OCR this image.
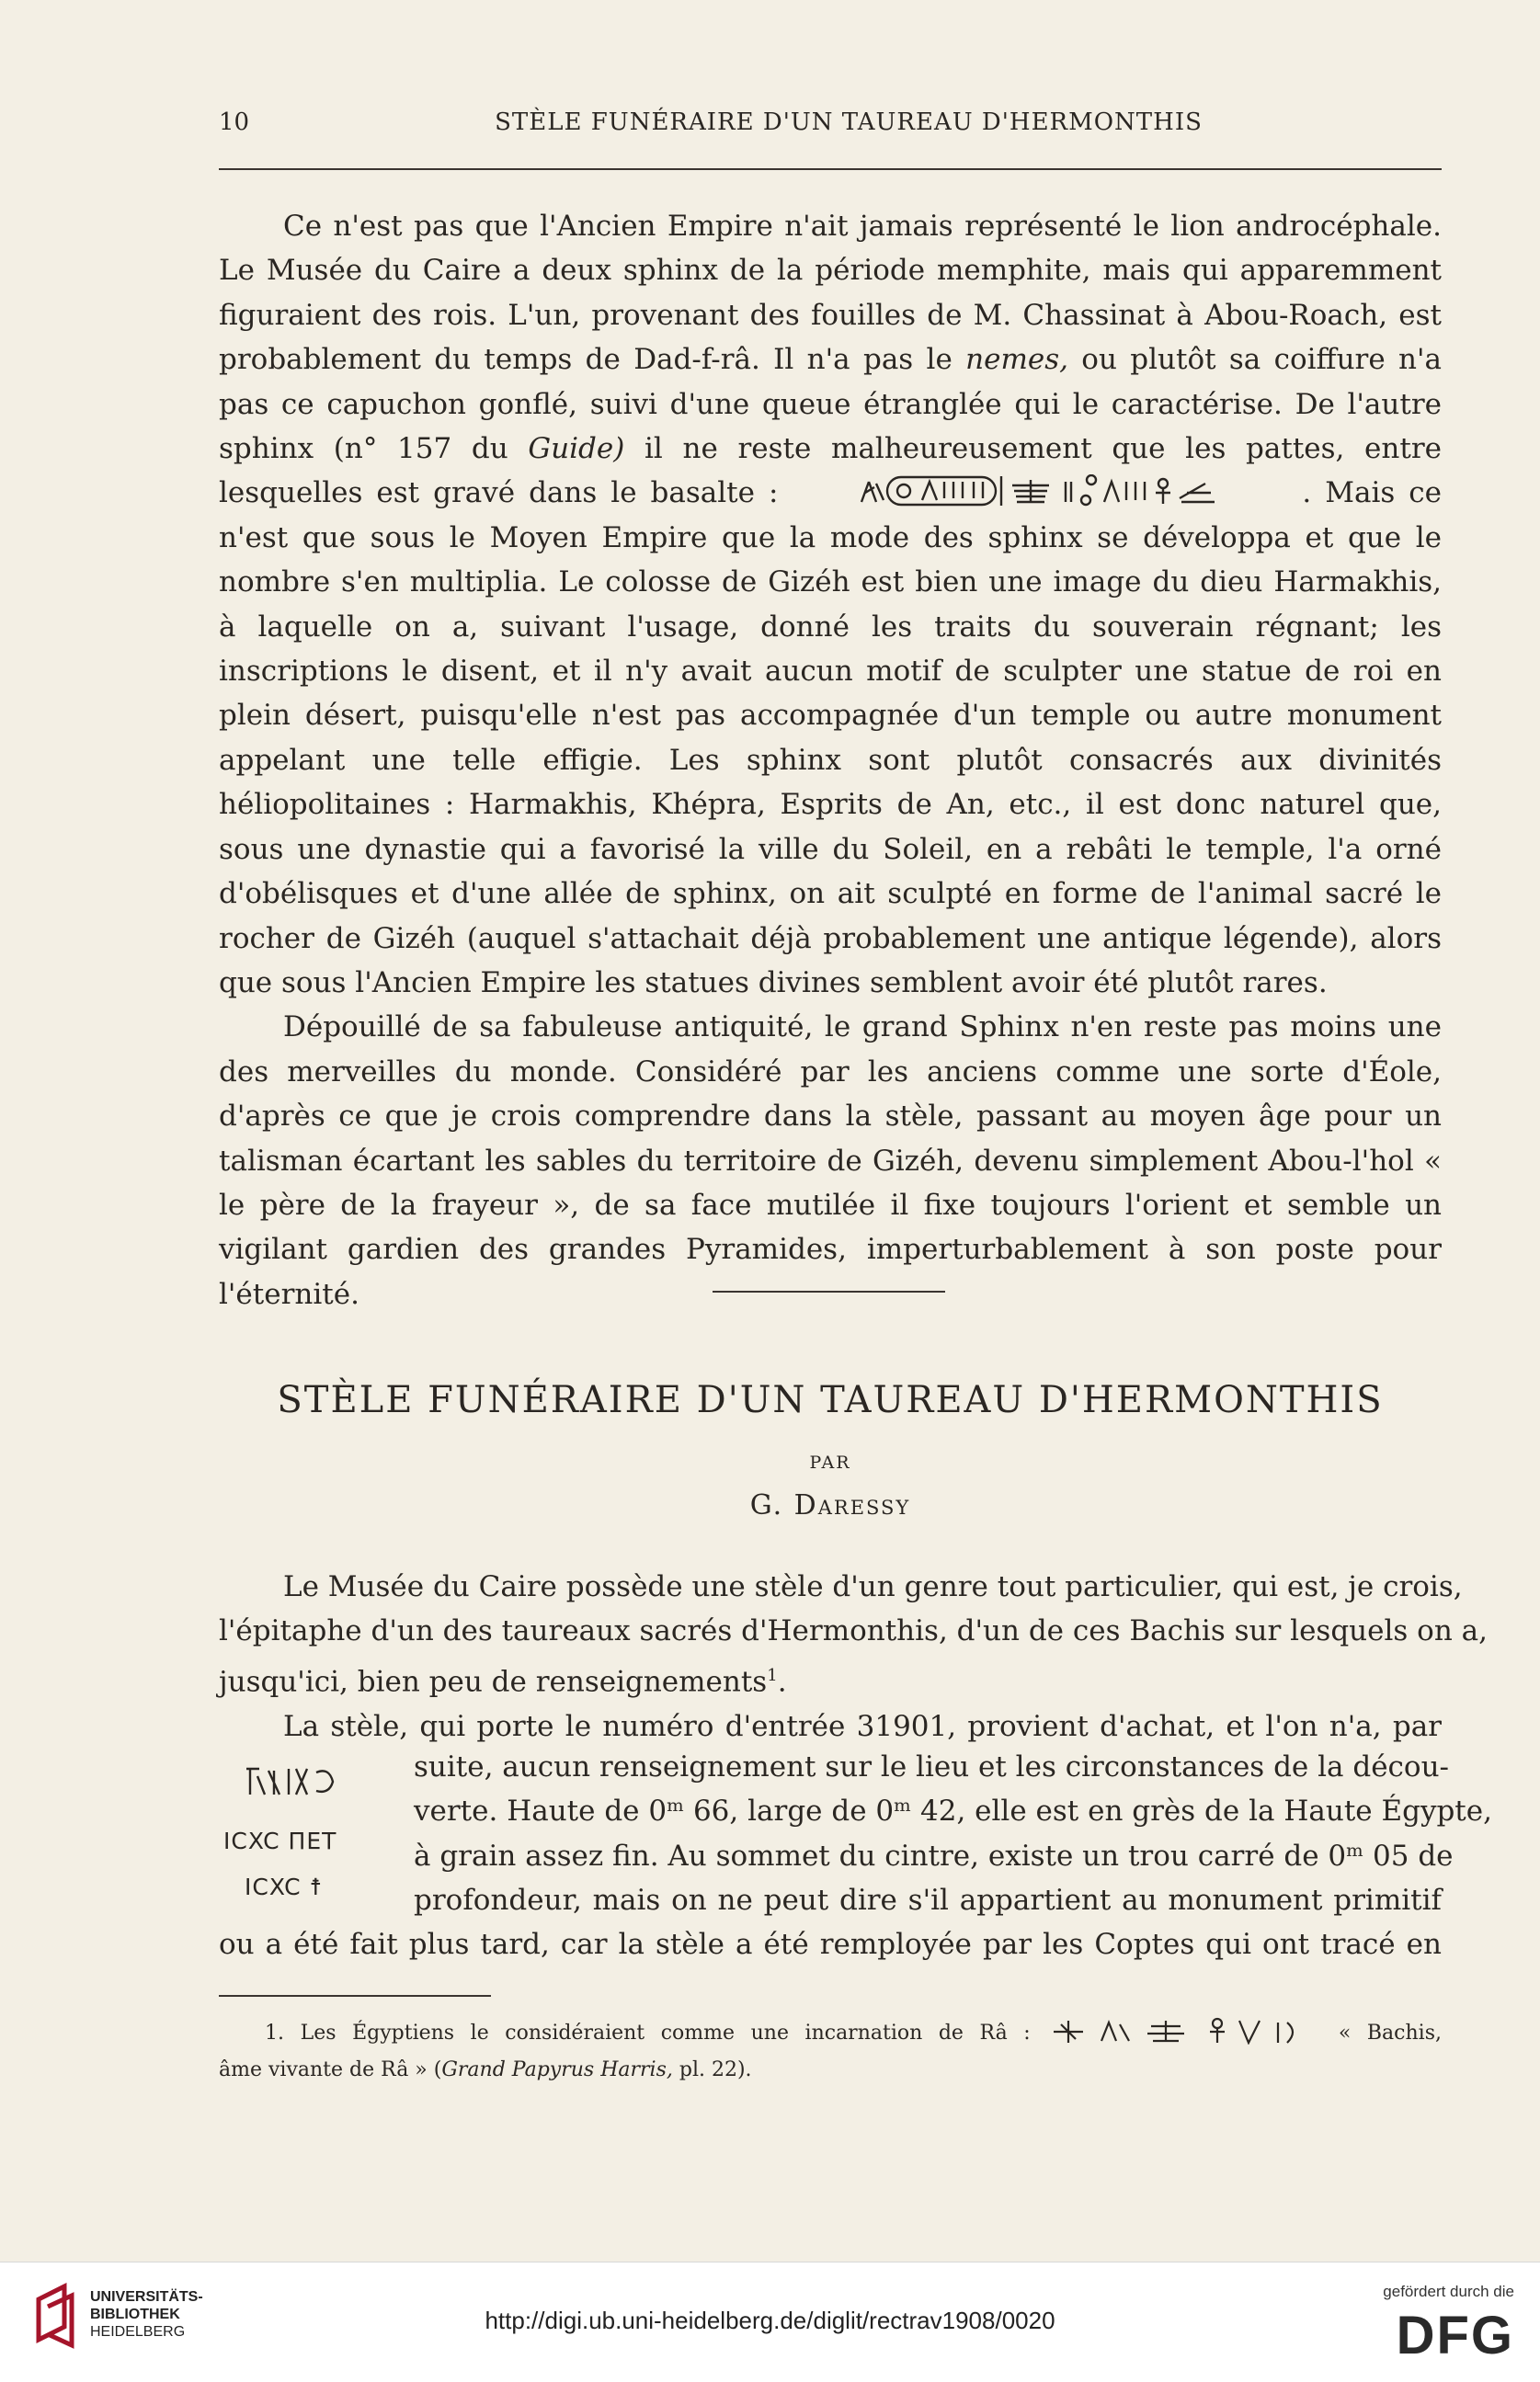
10	STÈLE FUNÉRAIRE D'UN TAUREAU D'HERMONTHIS

Ce n'est pas que l'Ancien Empire n'ait jamais représenté le lion androcéphale. Le Musée du Caire a deux sphinx de la période memphite, mais qui apparemment figuraient des rois. L'un, provenant des fouilles de M. Chassinat à Abou-Roach, est probablement du temps de Dad-f-râ. Il n'a pas le nemes, ou plutôt sa coiffure n'a pas ce capuchon gonflé, suivi d'une queue étranglée qui le caractérise. De l'autre sphinx (n° 157 du Guide) il ne reste malheureusement que les pattes, entre lesquelles est gravé dans le basalte :	. Mais ce n'est que sous le Moyen Empire que la mode des sphinx se développa et que le nombre s'en multiplia. Le colosse de Gizéh est bien une image du dieu Harmakhis, à laquelle on a, suivant l'usage, donné les traits du souverain régnant; les inscriptions le disent, et il n'y avait aucun motif de sculpter une statue de roi en plein désert, puisqu'elle n'est pas accompagnée d'un temple ou autre monument appelant une telle effigie. Les sphinx sont plutôt consacrés aux divinités héliopolitaines : Harmakhis, Khépra, Esprits de An, etc., il est donc naturel que, sous une dynastie qui a favorisé la ville du Soleil, en a rebâti le temple, l'a orné d'obélisques et d'une allée de sphinx, on ait sculpté en forme de l'animal sacré le rocher de Gizéh (auquel s'attachait déjà probablement une antique légende), alors que sous l'Ancien Empire les statues divines semblent avoir été plutôt rares.

Dépouillé de sa fabuleuse antiquité, le grand Sphinx n'en reste pas moins une des merveilles du monde. Considéré par les anciens comme une sorte d'Éole, d'après ce que je crois comprendre dans la stèle, passant au moyen âge pour un talisman écartant les sables du territoire de Gizéh, devenu simplement Abou-l'hol « le père de la frayeur », de sa face mutilée il fixe toujours l'orient et semble un vigilant gardien des grandes Pyramides, imperturbablement à son poste pour l'éternité.

STÈLE FUNÉRAIRE D'UN TAUREAU D'HERMONTHIS
PAR
G. Daressy
Le Musée du Caire possède une stèle d'un genre tout particulier, qui est, je crois,
l'épitaphe d'un des taureaux sacrés d'Hermonthis, d'un de ces Bachis sur lesquels on a,
jusqu'ici, bien peu de renseignements$^1$.
La stèle, qui porte le numéro d'entrée 31901, provient d'achat, et l'on n'a, par
ICXC ΠΕΤ
ICXC ☨
suite, aucun renseignement sur le lieu et les circonstances de la décou-
verte. Haute de 0ᵐ 66, large de 0ᵐ 42, elle est en grès de la Haute Égypte,
à grain assez fin. Au sommet du cintre, existe un trou carré de 0ᵐ 05 de
profondeur, mais on ne peut dire s'il appartient au monument primitif
ou a été fait plus tard, car la stèle a été remployée par les Coptes qui ont tracé en
1. Les Égyptiens le considéraient comme une incarnation de Râ :	« Bachis,
âme vivante de Râ » (Grand Papyrus Harris, pl. 22).
UNIVERSITÄTS-
BIBLIOTHEK
HEIDELBERG	http://digi.ub.uni-heidelberg.de/diglit/rectrav1908/0020
gefördert durch die
DFG
